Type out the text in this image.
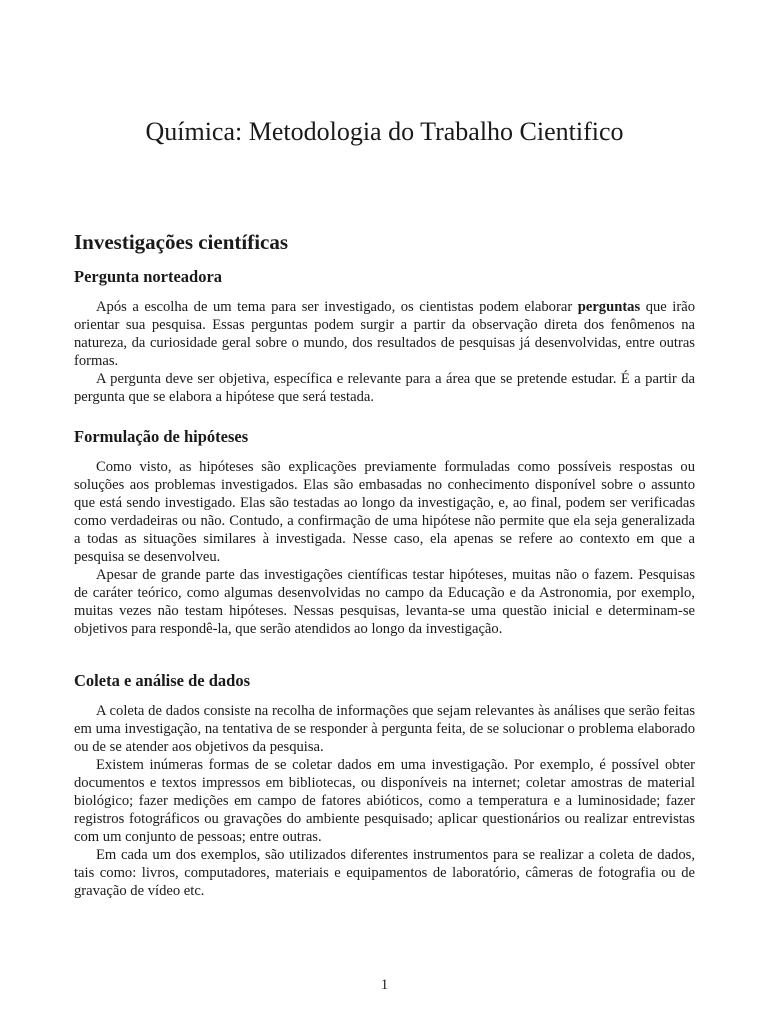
Química: Metodologia do Trabalho Cientifico
Investigações científicas
Pergunta norteadora

Após a escolha de um tema para ser investigado, os cientistas podem elaborar perguntas que irão orientar sua pesquisa. Essas perguntas podem surgir a partir da observação direta dos fenômenos na natureza, da curiosidade geral sobre o mundo, dos resultados de pesquisas já desenvolvidas, entre outras formas.

A pergunta deve ser objetiva, específica e relevante para a área que se pretende estudar. É a partir da pergunta que se elabora a hipótese que será testada.

Formulação de hipóteses

Como visto, as hipóteses são explicações previamente formuladas como possíveis respostas ou soluções aos problemas investigados. Elas são embasadas no conhecimento disponível sobre o assunto que está sendo investigado. Elas são testadas ao longo da investigação, e, ao final, podem ser verificadas como verdadeiras ou não. Contudo, a confirmação de uma hipótese não permite que ela seja generalizada a todas as situações similares à investigada. Nesse caso, ela apenas se refere ao contexto em que a pesquisa se desenvolveu.

Apesar de grande parte das investigações científicas testar hipóteses, muitas não o fazem. Pesquisas de caráter teórico, como algumas desenvolvidas no campo da Educação e da Astronomia, por exemplo, muitas vezes não testam hipóteses. Nessas pesquisas, levanta-se uma questão inicial e determinam-se objetivos para respondê-la, que serão atendidos ao longo da investigação.

Coleta e análise de dados

A coleta de dados consiste na recolha de informações que sejam relevantes às análises que serão feitas em uma investigação, na tentativa de se responder à pergunta feita, de se solucionar o problema elaborado ou de se atender aos objetivos da pesquisa.

Existem inúmeras formas de se coletar dados em uma investigação. Por exemplo, é possível obter documentos e textos impressos em bibliotecas, ou disponíveis na internet; coletar amostras de material biológico; fazer medições em campo de fatores abióticos, como a temperatura e a luminosidade; fazer registros fotográficos ou gravações do ambiente pesquisado; aplicar questionários ou realizar entrevistas com um conjunto de pessoas; entre outras.

Em cada um dos exemplos, são utilizados diferentes instrumentos para se realizar a coleta de dados, tais como: livros, computadores, materiais e equipamentos de laboratório, câmeras de fotografia ou de gravação de vídeo etc.

1
